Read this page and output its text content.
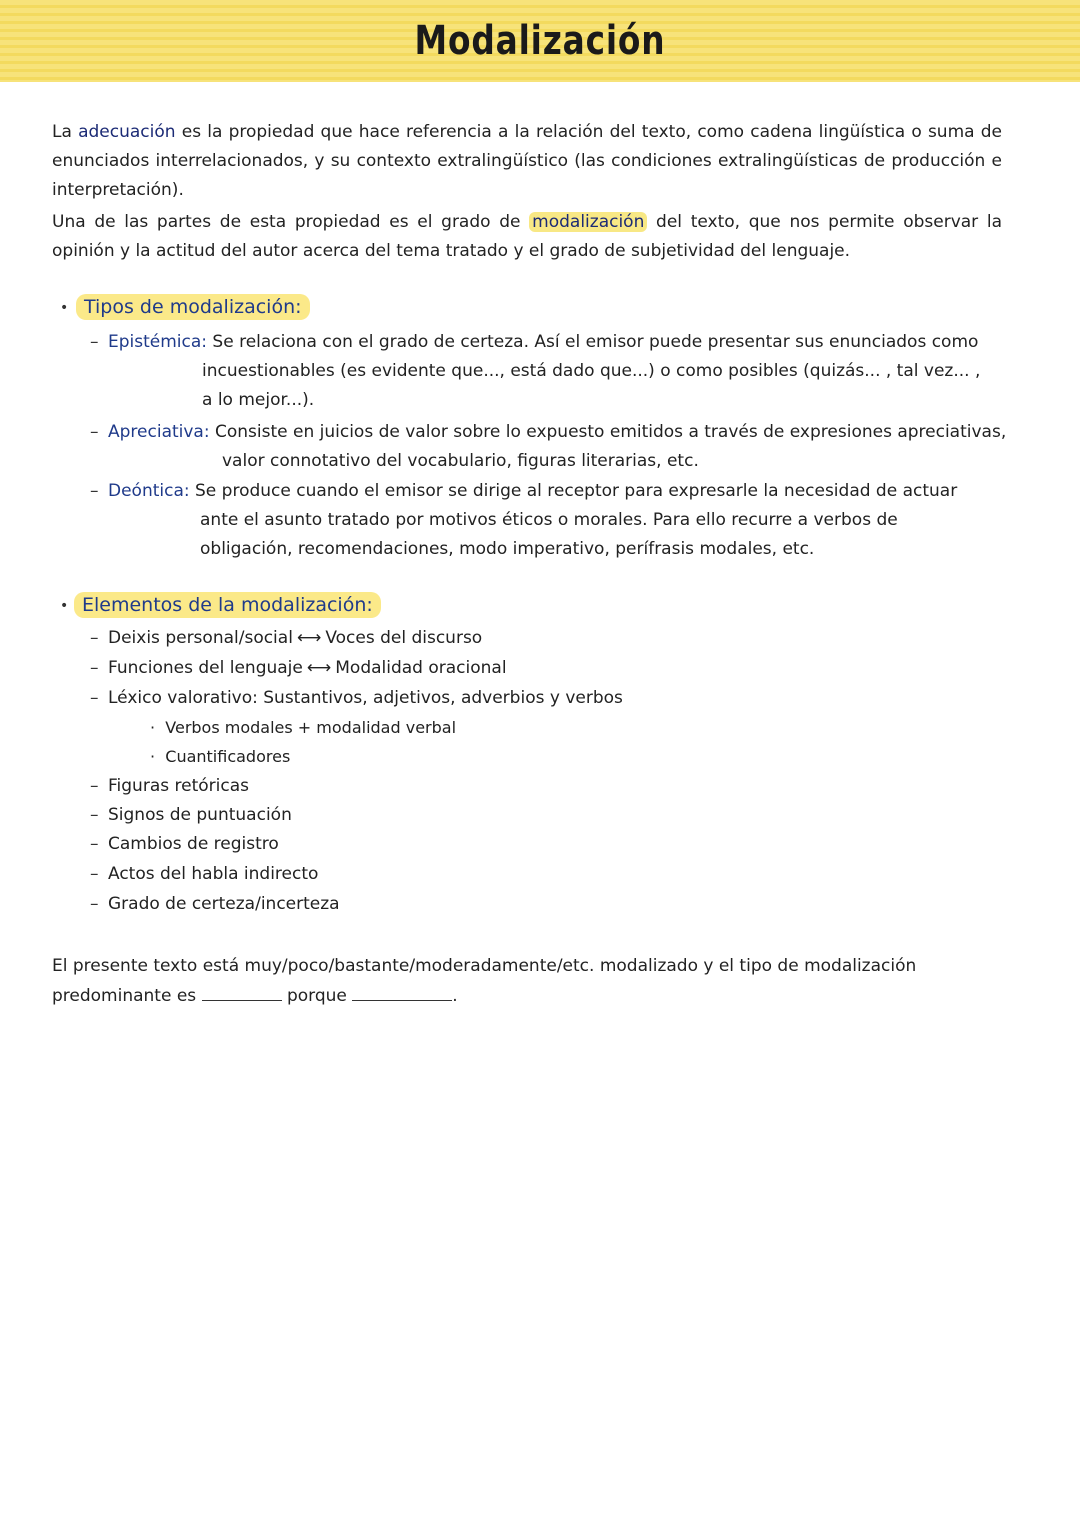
Modalización
La adecuación es la propiedad que hace referencia a la relación del texto, como cadena lingüística o suma de enunciados interrelacionados, y su contexto extralingüístico (las condiciones extralingüísticas de producción e interpretación).
Una de las partes de esta propiedad es el grado de modalización del texto, que nos permite observar la opinión y la actitud del autor acerca del tema tratado y el grado de subjetividad del lenguaje.
• Tipos de modalización:
– Epistémica: Se relaciona con el grado de certeza. Así el emisor puede presentar sus enunciados como
incuestionables (es evidente que..., está dado que...) o como posibles (quizás... , tal vez... ,
a lo mejor...).
– Apreciativa: Consiste en juicios de valor sobre lo expuesto emitidos a través de expresiones apreciativas,
valor connotativo del vocabulario, figuras literarias, etc.
– Deóntica: Se produce cuando el emisor se dirige al receptor para expresarle la necesidad de actuar
ante el asunto tratado por motivos éticos o morales. Para ello recurre a verbos de
obligación, recomendaciones, modo imperativo, perífrasis modales, etc.
• Elementos de la modalización:
– Deixis personal/social ⟷ Voces del discurso
– Funciones del lenguaje ⟷ Modalidad oracional
– Léxico valorativo: Sustantivos, adjetivos, adverbios y verbos
·  Verbos modales + modalidad verbal
·  Cuantificadores
– Figuras retóricas
– Signos de puntuación
– Cambios de registro
– Actos del habla indirecto
– Grado de certeza/incerteza
El presente texto está muy/poco/bastante/moderadamente/etc. modalizado y el tipo de modalización
predominante es	porque	.
